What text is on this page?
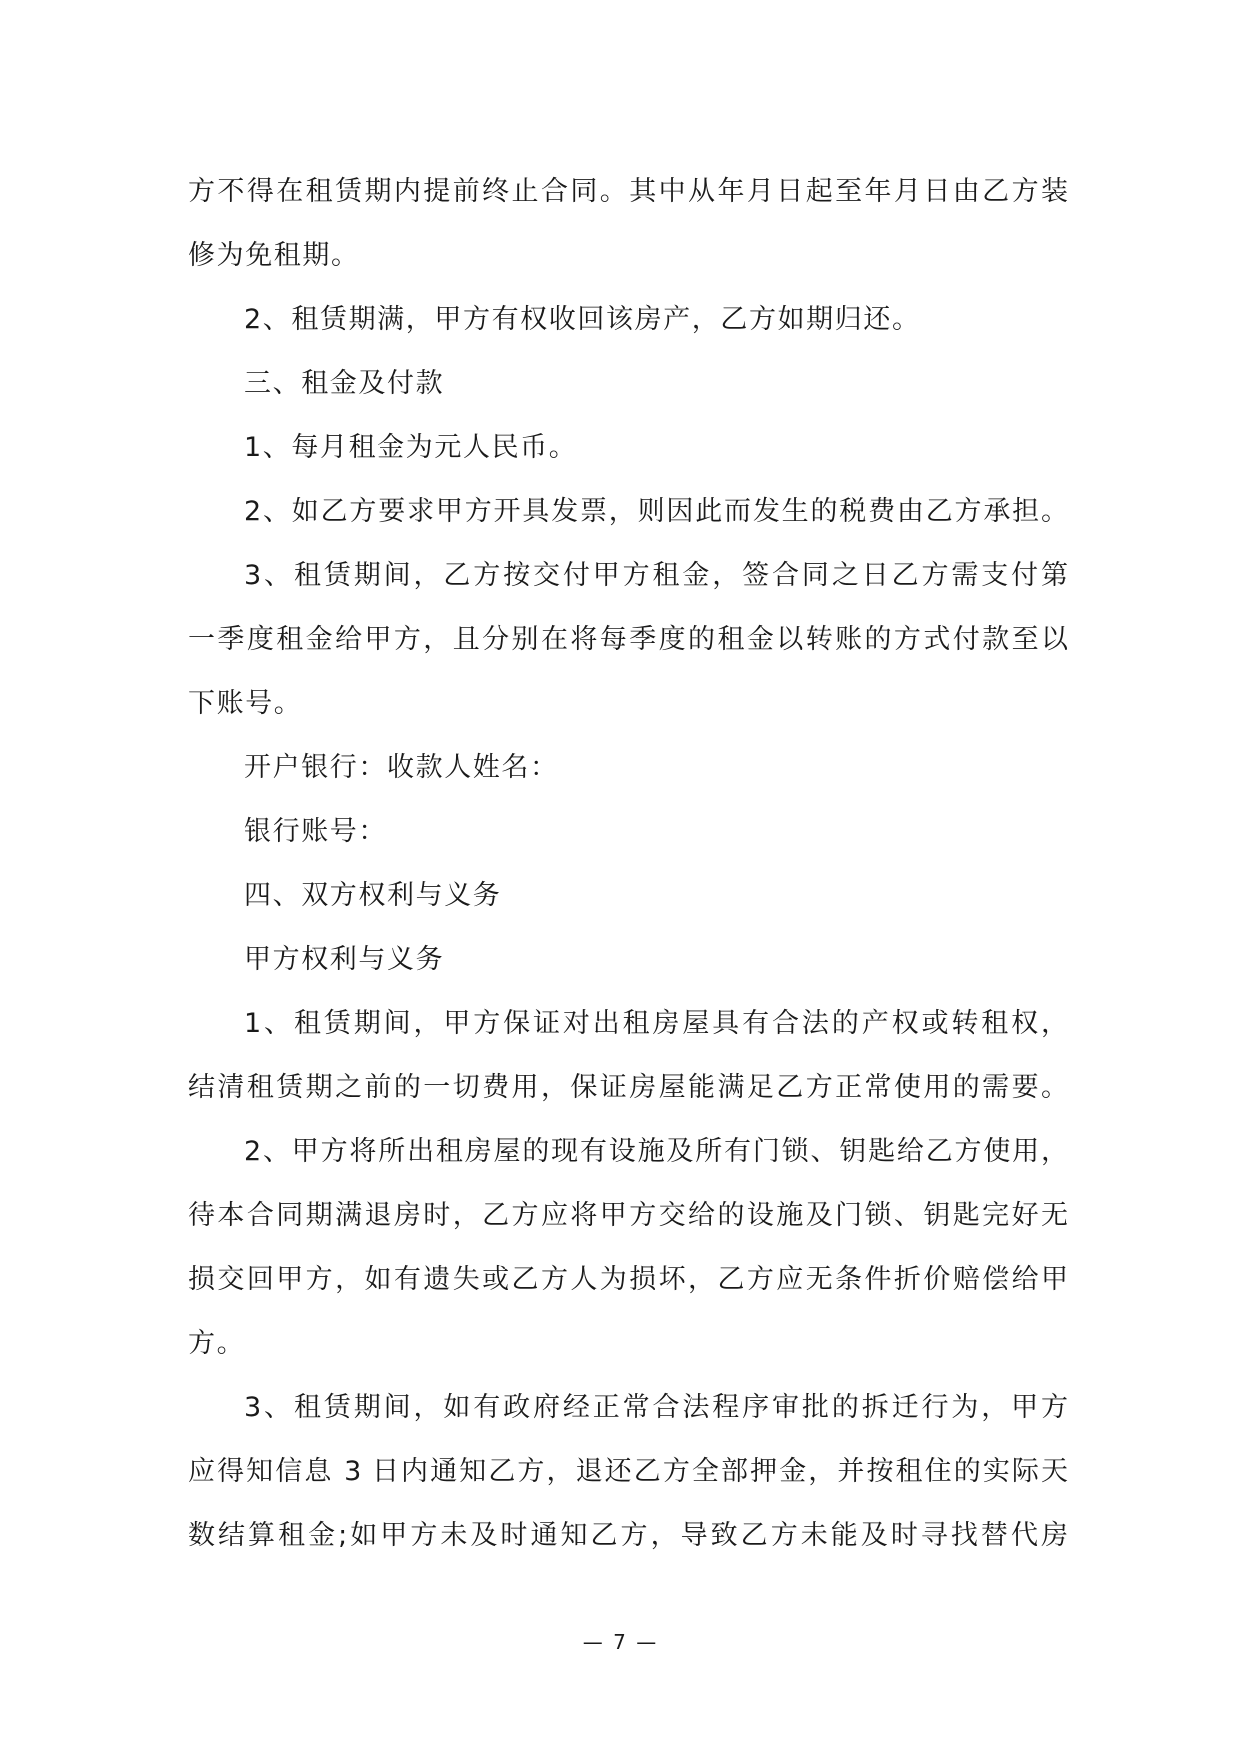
方不得在租赁期内提前终止合同。其中从年月日起至年月日由乙方装
修为免租期。
2、租赁期满，甲方有权收回该房产，乙方如期归还。
三、租金及付款
1、每月租金为元人民币。
2、如乙方要求甲方开具发票，则因此而发生的税费由乙方承担。
3、租赁期间，乙方按交付甲方租金，签合同之日乙方需支付第
一季度租金给甲方，且分别在将每季度的租金以转账的方式付款至以
下账号。
开户银行：收款人姓名：
银行账号：
四、双方权利与义务
甲方权利与义务
1、租赁期间，甲方保证对出租房屋具有合法的产权或转租权，
结清租赁期之前的一切费用，保证房屋能满足乙方正常使用的需要。
2、甲方将所出租房屋的现有设施及所有门锁、钥匙给乙方使用，
待本合同期满退房时，乙方应将甲方交给的设施及门锁、钥匙完好无
损交回甲方，如有遗失或乙方人为损坏，乙方应无条件折价赔偿给甲
方。
3、租赁期间，如有政府经正常合法程序审批的拆迁行为，甲方
应得知信息 3 日内通知乙方，退还乙方全部押金，并按租住的实际天
数结算租金;如甲方未及时通知乙方，导致乙方未能及时寻找替代房
— 7 —
